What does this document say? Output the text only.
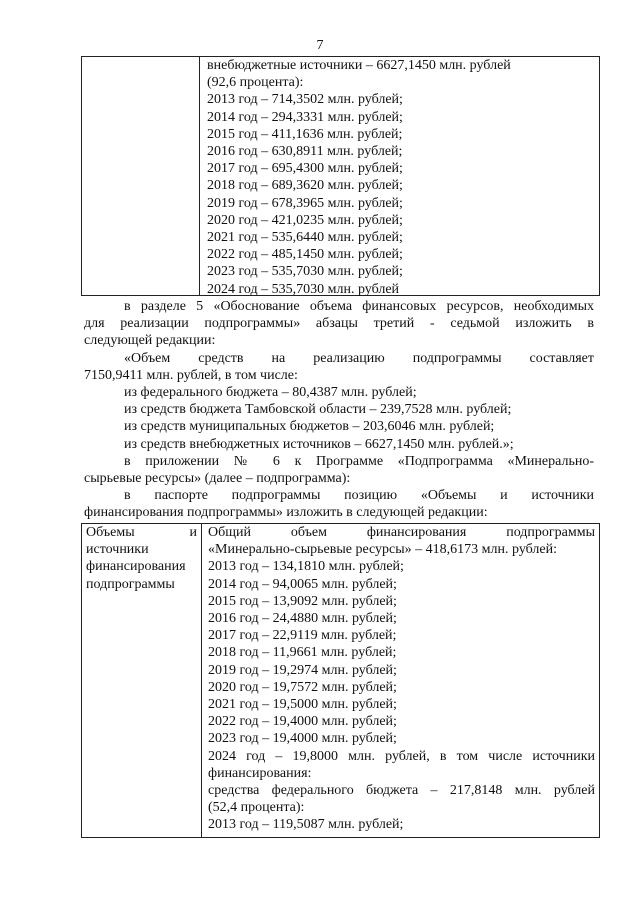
7
внебюджетные источники – 6627,1450 млн. рублей
(92,6 процента):
2013 год – 714,3502 млн. рублей;
2014 год – 294,3331 млн. рублей;
2015 год – 411,1636 млн. рублей;
2016 год – 630,8911 млн. рублей;
2017 год – 695,4300 млн. рублей;
2018 год – 689,3620 млн. рублей;
2019 год – 678,3965 млн. рублей;
2020 год – 421,0235 млн. рублей;
2021 год – 535,6440 млн. рублей;
2022 год – 485,1450 млн. рублей;
2023 год – 535,7030 млн. рублей;
2024 год – 535,7030 млн. рублей
в разделе 5 «Обоснование объема финансовых ресурсов, необходимых
для реализации подпрограммы» абзацы третий - седьмой изложить в
следующей редакции:
«Объем средств на реализацию подпрограммы составляет
7150,9411 млн. рублей, в том числе:
из федерального бюджета – 80,4387 млн. рублей;
из средств бюджета Тамбовской области – 239,7528 млн. рублей;
из средств муниципальных бюджетов – 203,6046 млн. рублей;
из средств внебюджетных источников – 6627,1450 млн. рублей.»;
в приложении № 6 к Программе «Подпрограмма «Минерально-
сырьевые ресурсы» (далее – подпрограмма):
в паспорте подпрограммы позицию «Объемы и источники
финансирования подпрограммы» изложить в следующей редакции:
Объемы и
источники
финансирования
подпрограммы
Общий объем финансирования подпрограммы
«Минерально-сырьевые ресурсы» – 418,6173 млн. рублей:
2013 год – 134,1810 млн. рублей;
2014 год – 94,0065 млн. рублей;
2015 год – 13,9092 млн. рублей;
2016 год – 24,4880 млн. рублей;
2017 год – 22,9119 млн. рублей;
2018 год – 11,9661 млн. рублей;
2019 год – 19,2974 млн. рублей;
2020 год – 19,7572 млн. рублей;
2021 год – 19,5000 млн. рублей;
2022 год – 19,4000 млн. рублей;
2023 год – 19,4000 млн. рублей;
2024 год – 19,8000 млн. рублей, в том числе источники
финансирования:
средства федерального бюджета – 217,8148 млн. рублей
(52,4 процента):
2013 год – 119,5087 млн. рублей;
